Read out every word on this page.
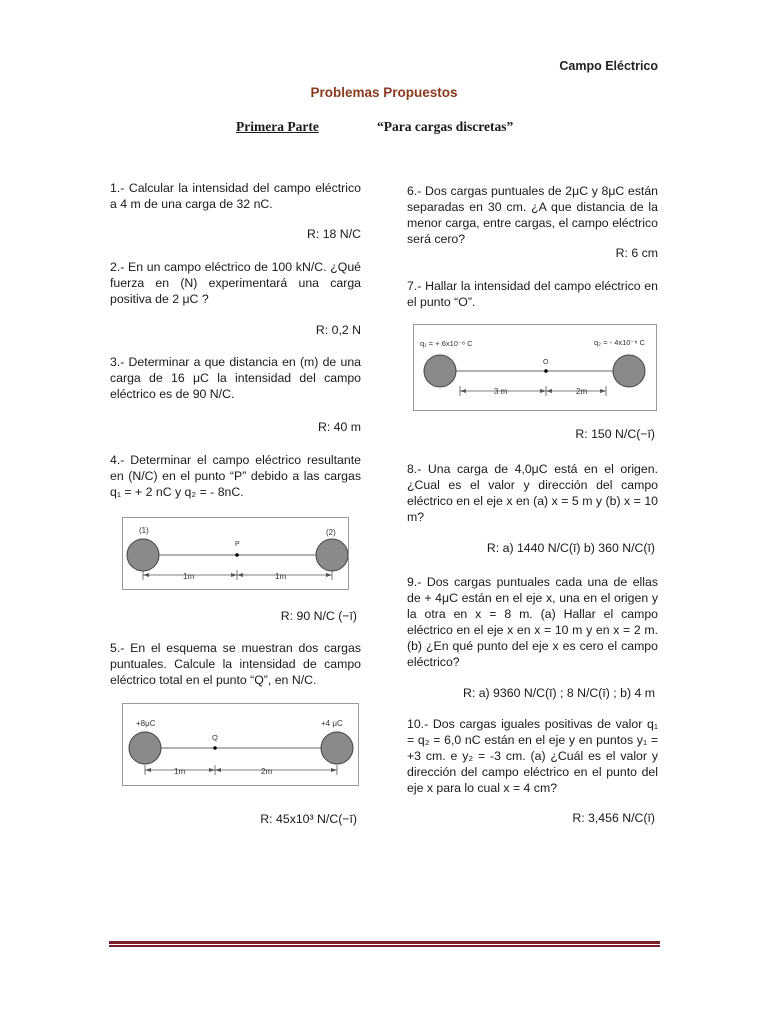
Campo Eléctrico
Problemas Propuestos
Primera Parte	“Para cargas discretas”

1.- Calcular la intensidad del campo eléctrico a 4 m de una carga de 32 nC.

R: 18 N/C

2.- En un campo eléctrico de 100 kN/C. ¿Qué fuerza en (N) experimentará una carga positiva de 2 μC ?

R: 0,2 N

3.- Determinar a que distancia en (m) de una carga de 16 μC la intensidad del campo eléctrico es de 90 N/C.

R: 40 m

4.- Determinar el campo eléctrico resultante en (N/C) en el punto “P” debido a las cargas q₁ = + 2 nC y q₂ = - 8nC.

(1)	(2)
P
1m	1m
R: 90 N/C (−ī)

5.- En el esquema se muestran dos cargas puntuales. Calcule la intensidad de campo eléctrico total en el punto “Q”, en N/C.

+8μC	+4 μC
Q
1m	2m
R: 45x10³ N/C(−ī)

6.- Dos cargas puntuales de 2μC y 8μC están separadas en 30 cm. ¿A que distancia de la menor carga, entre cargas, el campo eléctrico será cero?

R: 6 cm

7.- Hallar la intensidad del campo eléctrico en el punto “O”.

q₁ = + 6x10⁻⁸ C	q₂ = - 4x10⁻⁸ C
O
3 m	2m
R: 150 N/C(−ī)

8.- Una carga de 4,0μC está en el origen. ¿Cual es el valor y dirección del campo eléctrico en el eje x en (a) x = 5 m y (b) x = 10 m?

R: a) 1440 N/C(ī) b) 360 N/C(ī)

9.- Dos cargas puntuales cada una de ellas de + 4μC están en el eje x, una en el origen y la otra en x = 8 m. (a) Hallar el campo eléctrico en el eje x en x = 10 m y en x = 2 m. (b) ¿En qué punto del eje x es cero el campo eléctrico?

R: a) 9360 N/C(ī) ; 8 N/C(ī) ; b) 4 m

10.- Dos cargas iguales positivas de valor q₁ = q₂ = 6,0 nC están en el eje y en puntos y₁ = +3 cm. e y₂ = -3 cm. (a) ¿Cuál es el valor y dirección del campo eléctrico en el punto del eje x para lo cual x = 4 cm?

R: 3,456 N/C(ī)
